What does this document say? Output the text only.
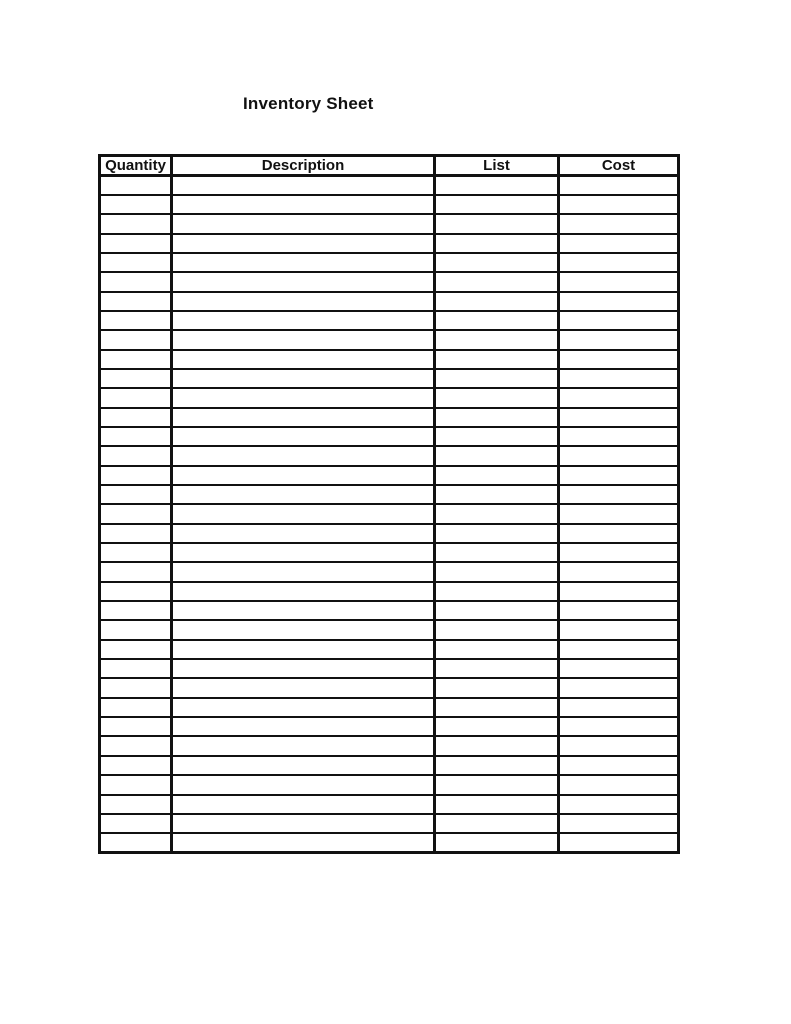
Inventory Sheet
Quantity	Description	List	Cost
